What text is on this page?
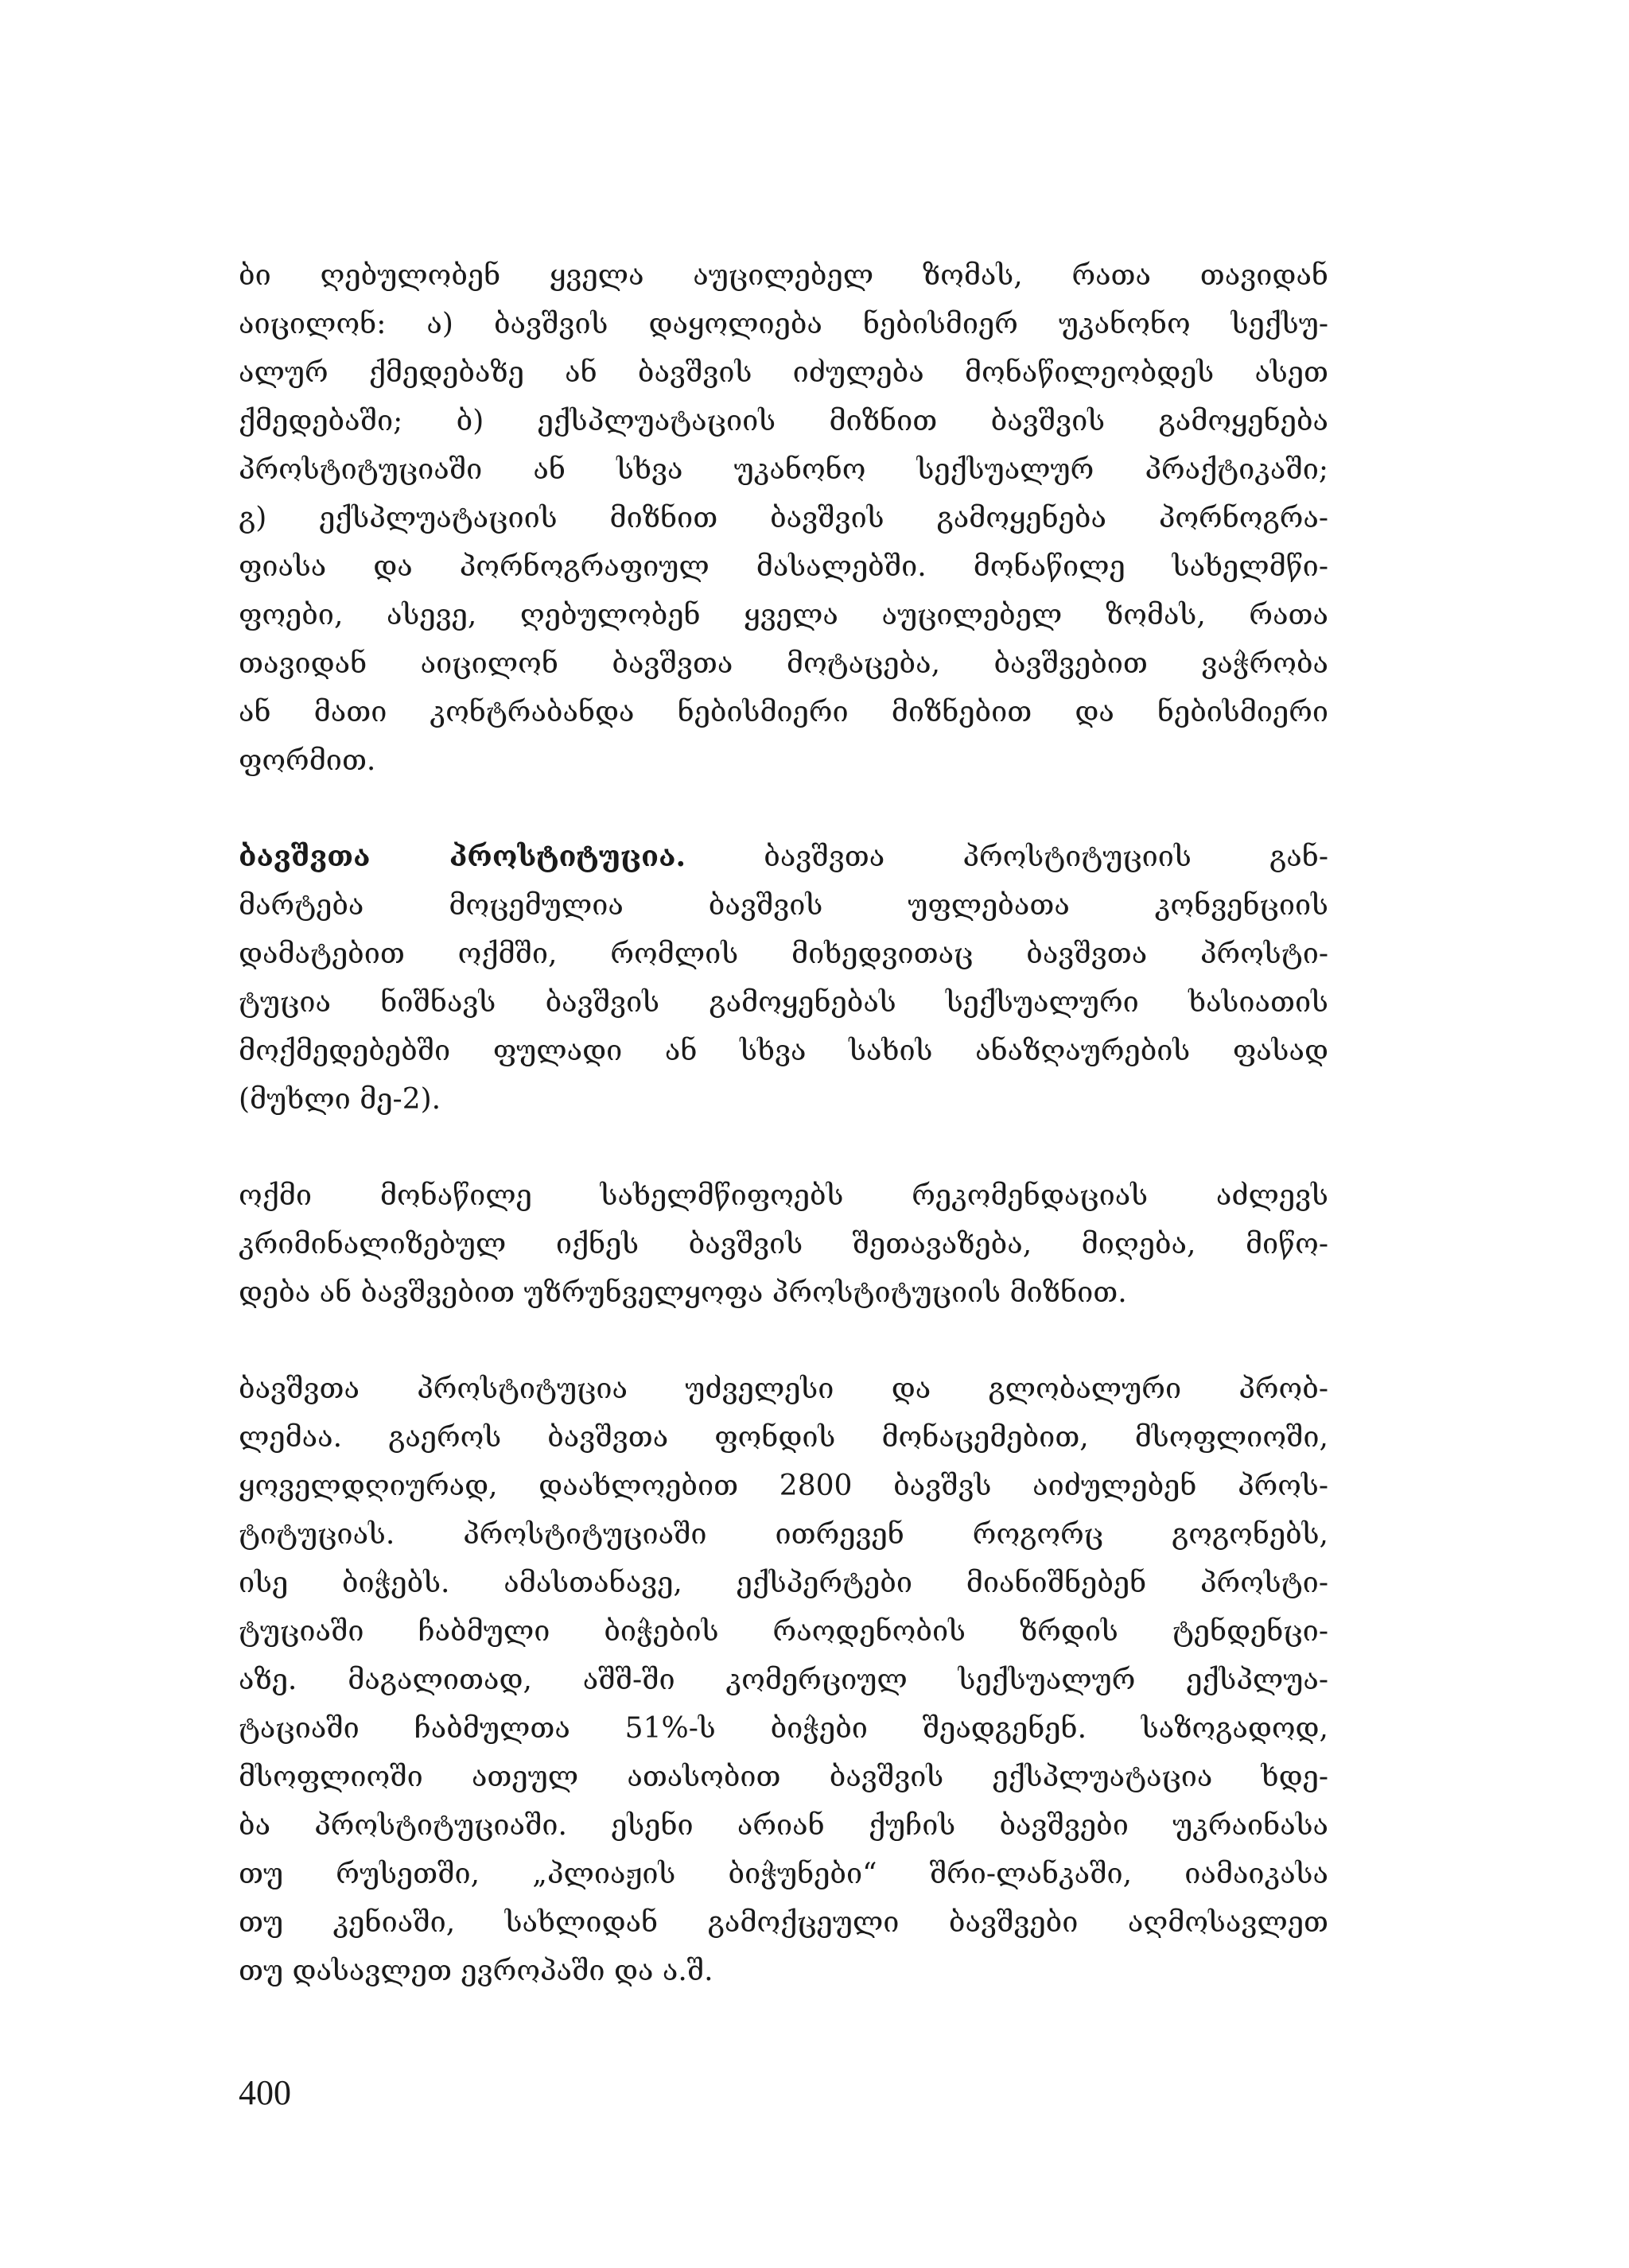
ბი ღებულობენ ყველა აუცილებელ ზომას, რათა თავიდან
აიცილონ: ა) ბავშვის დაყოლიება ნებისმიერ უკანონო სექსუ-
ალურ ქმედებაზე ან ბავშვის იძულება მონაწილეობდეს ასეთ
ქმედებაში; ბ) ექსპლუატაციის მიზნით ბავშვის გამოყენება
პროსტიტუციაში ან სხვა უკანონო სექსუალურ პრაქტიკაში;
გ) ექსპლუატაციის მიზნით ბავშვის გამოყენება პორნოგრა-
ფიასა და პორნოგრაფიულ მასალებში. მონაწილე სახელმწი-
ფოები, ასევე, ღებულობენ ყველა აუცილებელ ზომას, რათა
თავიდან აიცილონ ბავშვთა მოტაცება, ბავშვებით ვაჭრობა
ან მათი კონტრაბანდა ნებისმიერი მიზნებით და ნებისმიერი
ფორმით.

ბავშვთა პროსტიტუცია. ბავშვთა პროსტიტუციის გან-
მარტება მოცემულია ბავშვის უფლებათა კონვენციის
დამატებით ოქმში, რომლის მიხედვითაც ბავშვთა პროსტი-
ტუცია ნიშნავს ბავშვის გამოყენებას სექსუალური ხასიათის
მოქმედებებში ფულადი ან სხვა სახის ანაზღაურების ფასად
(მუხლი მე-2).

ოქმი მონაწილე სახელმწიფოებს რეკომენდაციას აძლევს
კრიმინალიზებულ იქნეს ბავშვის შეთავაზება, მიღება, მიწო-
დება ან ბავშვებით უზრუნველყოფა პროსტიტუციის მიზნით.

ბავშვთა პროსტიტუცია უძველესი და გლობალური პრობ-
ლემაა. გაეროს ბავშვთა ფონდის მონაცემებით, მსოფლიოში,
ყოველდღიურად, დაახლოებით 2800 ბავშვს აიძულებენ პროს-
ტიტუციას. პროსტიტუციაში ითრევენ როგორც გოგონებს,
ისე ბიჭებს. ამასთანავე, ექსპერტები მიანიშნებენ პროსტი-
ტუციაში ჩაბმული ბიჭების რაოდენობის ზრდის ტენდენცი-
აზე. მაგალითად, აშშ-ში კომერციულ სექსუალურ ექსპლუა-
ტაციაში ჩაბმულთა 51%-ს ბიჭები შეადგენენ. საზოგადოდ,
მსოფლიოში ათეულ ათასობით ბავშვის ექსპლუატაცია ხდე-
ბა პროსტიტუციაში. ესენი არიან ქუჩის ბავშვები უკრაინასა
თუ რუსეთში, „პლიაჟის ბიჭუნები“ შრი-ლანკაში, იამაიკასა
თუ კენიაში, სახლიდან გამოქცეული ბავშვები აღმოსავლეთ
თუ დასავლეთ ევროპაში და ა.შ.

400
